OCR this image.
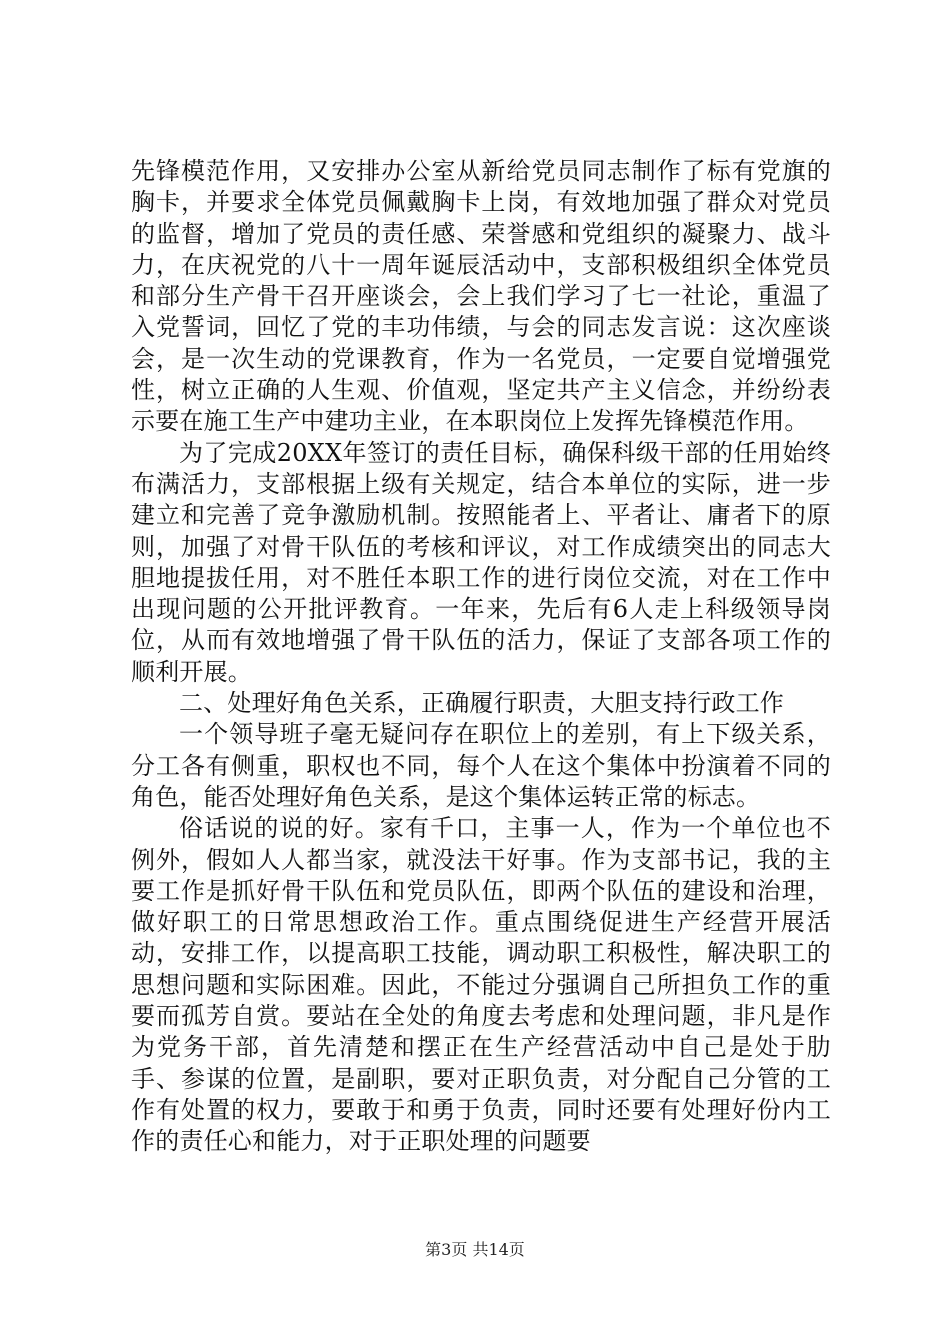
先锋模范作用，又安排办公室从新给党员同志制作了标有党旗的胸卡，并要求全体党员佩戴胸卡上岗，有效地加强了群众对党员的监督，增加了党员的责任感、荣誉感和党组织的凝聚力、战斗力，在庆祝党的八十一周年诞辰活动中，支部积极组织全体党员和部分生产骨干召开座谈会，会上我们学习了七一社论，重温了入党誓词，回忆了党的丰功伟绩，与会的同志发言说：这次座谈会，是一次生动的党课教育，作为一名党员，一定要自觉增强党性，树立正确的人生观、价值观，坚定共产主义信念，并纷纷表示要在施工生产中建功主业，在本职岗位上发挥先锋模范作用。

为了完成20XX年签订的责任目标，确保科级干部的任用始终布满活力，支部根据上级有关规定，结合本单位的实际，进一步建立和完善了竞争激励机制。按照能者上、平者让、庸者下的原则，加强了对骨干队伍的考核和评议，对工作成绩突出的同志大胆地提拔任用，对不胜任本职工作的进行岗位交流，对在工作中出现问题的公开批评教育。一年来，先后有6人走上科级领导岗位，从而有效地增强了骨干队伍的活力，保证了支部各项工作的顺利开展。

二、处理好角色关系，正确履行职责，大胆支持行政工作

一个领导班子毫无疑问存在职位上的差别，有上下级关系，分工各有侧重，职权也不同，每个人在这个集体中扮演着不同的角色，能否处理好角色关系，是这个集体运转正常的标志。

俗话说的说的好。家有千口，主事一人，作为一个单位也不例外，假如人人都当家，就没法干好事。作为支部书记，我的主要工作是抓好骨干队伍和党员队伍，即两个队伍的建设和治理，做好职工的日常思想政治工作。重点围绕促进生产经营开展活动，安排工作，以提高职工技能，调动职工积极性，解决职工的思想问题和实际困难。因此，不能过分强调自己所担负工作的重要而孤芳自赏。要站在全处的角度去考虑和处理问题，非凡是作为党务干部，首先清楚和摆正在生产经营活动中自己是处于肋手、参谋的位置，是副职，要对正职负责，对分配自己分管的工作有处置的权力，要敢于和勇于负责，同时还要有处理好份内工作的责任心和能力，对于正职处理的问题要

第3页 共14页
